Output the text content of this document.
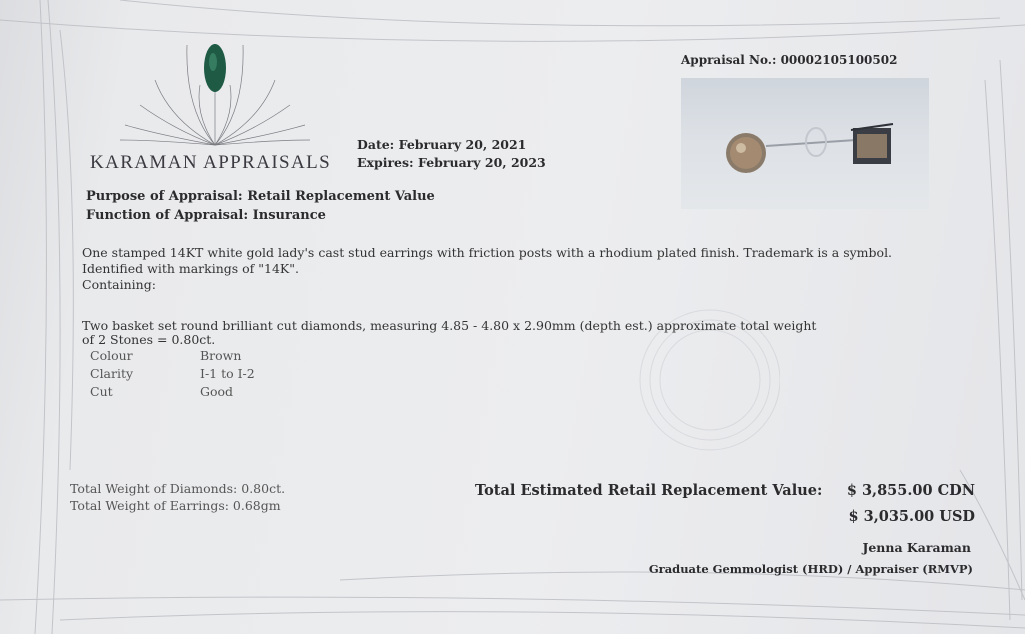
KARAMAN APPRAISALS
Date: February 20, 2021
Expires: February 20, 2023
Appraisal No.: 00002105100502
Purpose of Appraisal: Retail Replacement Value
Function of Appraisal: Insurance
One stamped 14KT white gold lady's cast stud earrings with friction posts with a rhodium plated finish. Trademark is a symbol.
Identified with markings of "14K".
Containing:
Two basket set round brilliant cut diamonds, measuring 4.85 - 4.80 x 2.90mm (depth est.) approximate total weight
of 2 Stones = 0.80ct.
Colour	Brown
Clarity	I-1 to I-2
Cut	Good
Total Weight of Diamonds: 0.80ct.
Total Weight of Earrings: 0.68gm
Total Estimated Retail Replacement Value: $ 3,855.00 CDN
$ 3,035.00 USD
Jenna Karaman
Graduate Gemmologist (HRD) / Appraiser (RMVP)
